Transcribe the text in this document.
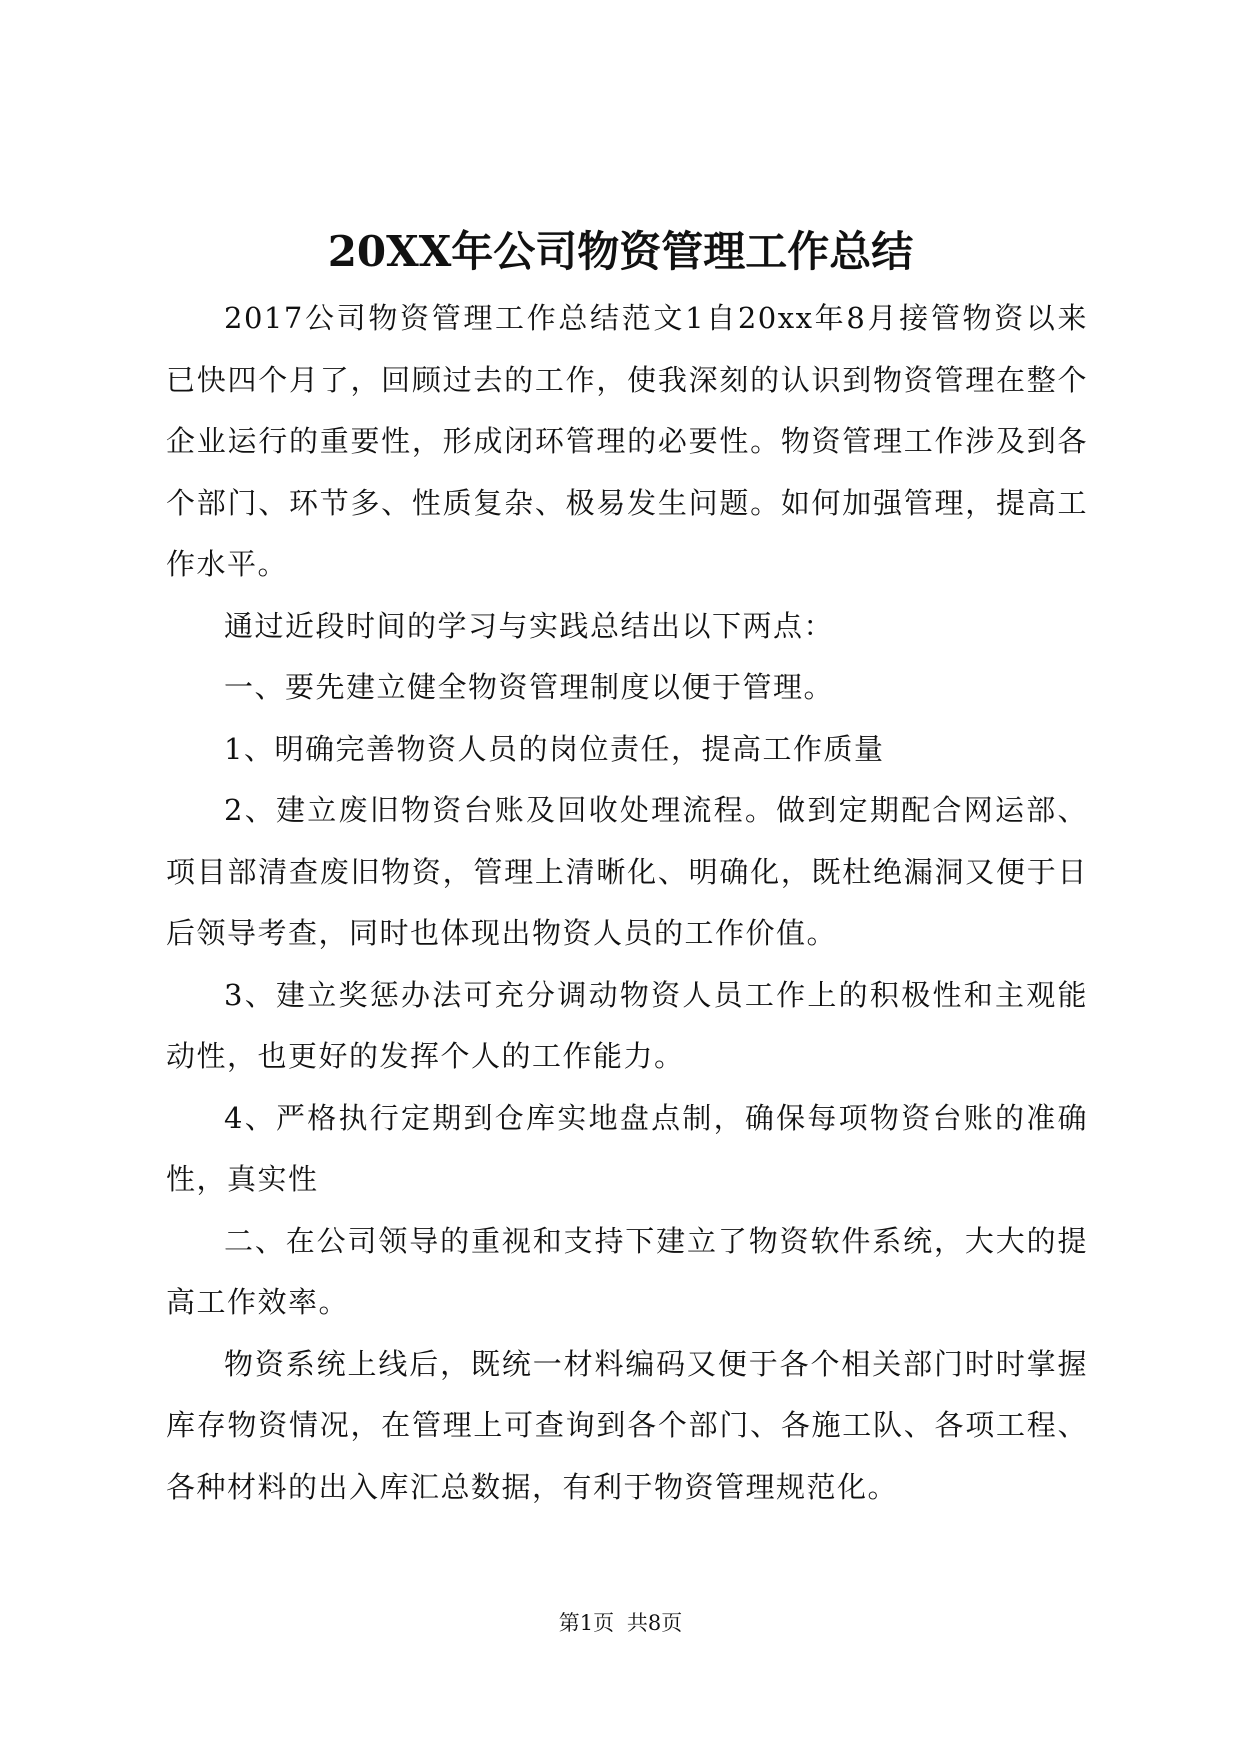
20XX年公司物资管理工作总结

2017公司物资管理工作总结范文1自20xx年8月接管物资以来已快四个月了，回顾过去的工作，使我深刻的认识到物资管理在整个企业运行的重要性，形成闭环管理的必要性。物资管理工作涉及到各个部门、环节多、性质复杂、极易发生问题。如何加强管理，提高工作水平。

通过近段时间的学习与实践总结出以下两点：

一、要先建立健全物资管理制度以便于管理。

1、明确完善物资人员的岗位责任，提高工作质量

2、建立废旧物资台账及回收处理流程。做到定期配合网运部、项目部清查废旧物资，管理上清晰化、明确化，既杜绝漏洞又便于日后领导考查，同时也体现出物资人员的工作价值。

3、建立奖惩办法可充分调动物资人员工作上的积极性和主观能动性，也更好的发挥个人的工作能力。

4、严格执行定期到仓库实地盘点制，确保每项物资台账的准确性，真实性

二、在公司领导的重视和支持下建立了物资软件系统，大大的提高工作效率。

物资系统上线后，既统一材料编码又便于各个相关部门时时掌握库存物资情况，在管理上可查询到各个部门、各施工队、各项工程、各种材料的出入库汇总数据，有利于物资管理规范化。

第1页 共8页
